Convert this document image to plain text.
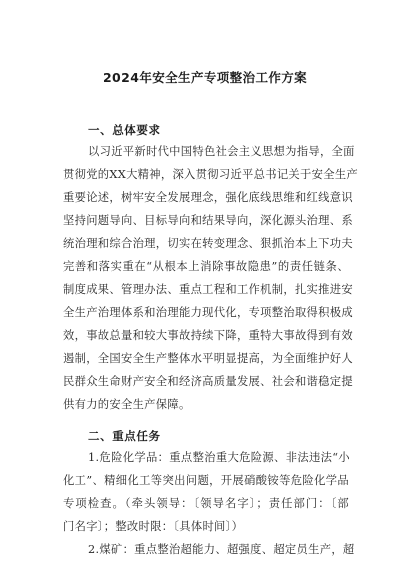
2024年安全生产专项整治工作方案
一、总体要求
以习近平新时代中国特色社会主义思想为指导，全面
贯彻党的XX大精神，深入贯彻习近平总书记关于安全生产
重要论述，树牢安全发展理念，强化底线思维和红线意识
坚持问题导向、目标导向和结果导向，深化源头治理、系
统治理和综合治理，切实在转变理念、狠抓治本上下功夫
完善和落实重在“从根本上消除事故隐患”的责任链条、
制度成果、管理办法、重点工程和工作机制，扎实推进安
全生产治理体系和治理能力现代化，专项整治取得积极成
效，事故总量和较大事故持续下降，重特大事故得到有效
遏制，全国安全生产整体水平明显提高，为全面维护好人
民群众生命财产安全和经济高质量发展、社会和谐稳定提
供有力的安全生产保障。
二、重点任务
1.危险化学品：重点整治重大危险源、非法违法“小
化工”、精细化工等突出问题，开展硝酸铵等危险化学品
专项检查。（牵头领导：〔领导名字〕；责任部门：〔部
门名字〕；整改时限：〔具体时间〕）
2.煤矿：重点整治超能力、超强度、超定员生产，超
